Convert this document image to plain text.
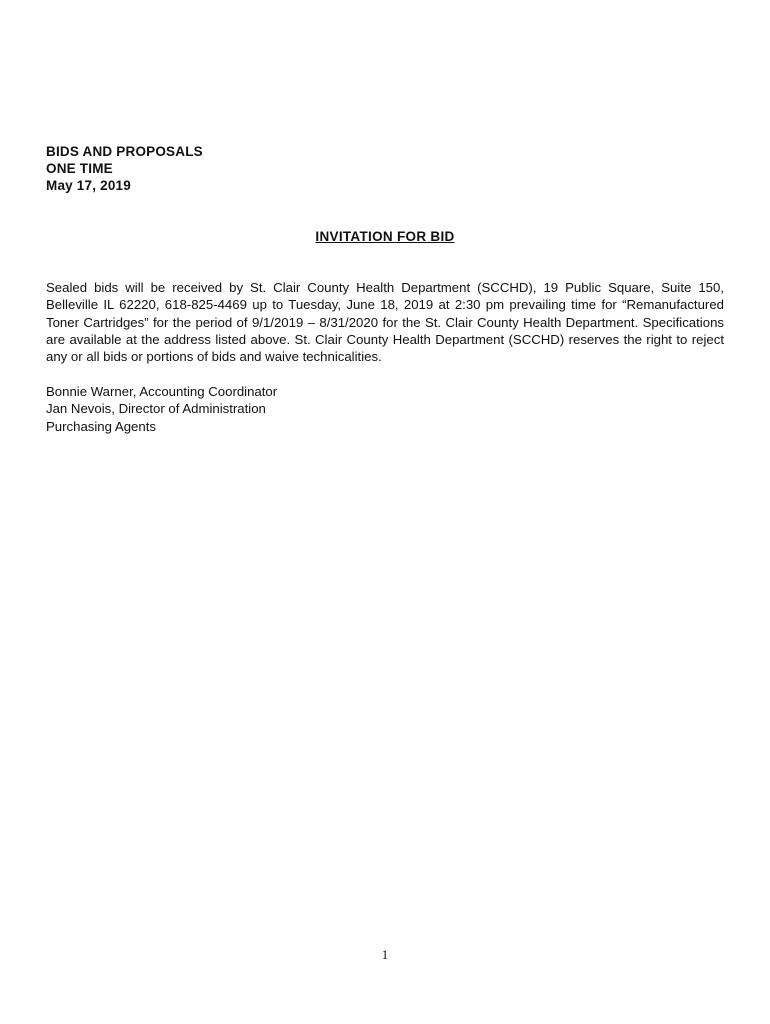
BIDS AND PROPOSALS
ONE TIME
May 17, 2019
INVITATION FOR BID
Sealed bids will be received by St. Clair County Health Department (SCCHD), 19 Public Square, Suite 150, Belleville IL 62220, 618-825-4469 up to Tuesday, June 18, 2019 at 2:30 pm prevailing time for “Remanufactured Toner Cartridges” for the period of 9/1/2019 – 8/31/2020 for the St. Clair County Health Department. Specifications are available at the address listed above. St. Clair County Health Department (SCCHD) reserves the right to reject any or all bids or portions of bids and waive technicalities.
Bonnie Warner, Accounting Coordinator
Jan Nevois, Director of Administration
Purchasing Agents
1
